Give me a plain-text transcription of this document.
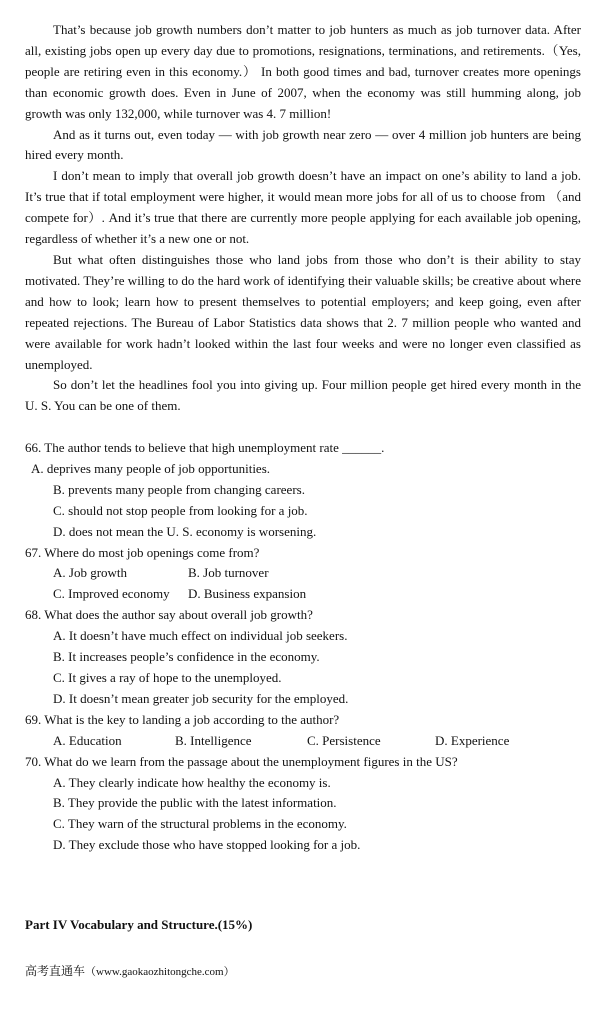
That’s because job growth numbers don’t matter to job hunters as much as job turnover data. After all, existing jobs open up every day due to promotions, resignations, terminations, and retirements.（Yes, people are retiring even in this economy.） In both good times and bad, turnover creates more openings than economic growth does. Even in June of 2007, when the economy was still humming along, job growth was only 132,000, while turnover was 4. 7 million!

And as it turns out, even today — with job growth near zero — over 4 million job hunters are being hired every month.

I don’t mean to imply that overall job growth doesn’t have an impact on one’s ability to land a job. It’s true that if total employment were higher, it would mean more jobs for all of us to choose from （and compete for）. And it’s true that there are currently more people applying for each available job opening, regardless of whether it’s a new one or not.

But what often distinguishes those who land jobs from those who don’t is their ability to stay motivated. They’re willing to do the hard work of identifying their valuable skills; be creative about where and how to look; learn how to present themselves to potential employers; and keep going, even after repeated rejections. The Bureau of Labor Statistics data shows that 2. 7 million people who wanted and were available for work hadn’t looked within the last four weeks and were no longer even classified as unemployed.

So don’t let the headlines fool you into giving up. Four million people get hired every month in the U. S. You can be one of them.

66. The author tends to believe that high unemployment rate ______.

A. deprives many people of job opportunities.

B. prevents many people from changing careers.

C. should not stop people from looking for a job.

D. does not mean the U. S. economy is worsening.

67. Where do most job openings come from?

A. Job growth	B. Job turnover
C. Improved economy	D. Business expansion

68. What does the author say about overall job growth?

A. It doesn’t have much effect on individual job seekers.

B. It increases people’s confidence in the economy.

C. It gives a ray of hope to the unemployed.

D. It doesn’t mean greater job security for the employed.

69. What is the key to landing a job according to the author?

A. Education	B. Intelligence	C. Persistence	D. Experience

70. What do we learn from the passage about the unemployment figures in the US?

A. They clearly indicate how healthy the economy is.

B. They provide the public with the latest information.

C. They warn of the structural problems in the economy.

D. They exclude those who have stopped looking for a job.

Part IV Vocabulary and Structure.(15%)
高考直通车（www.gaokaozhitongche.com）
